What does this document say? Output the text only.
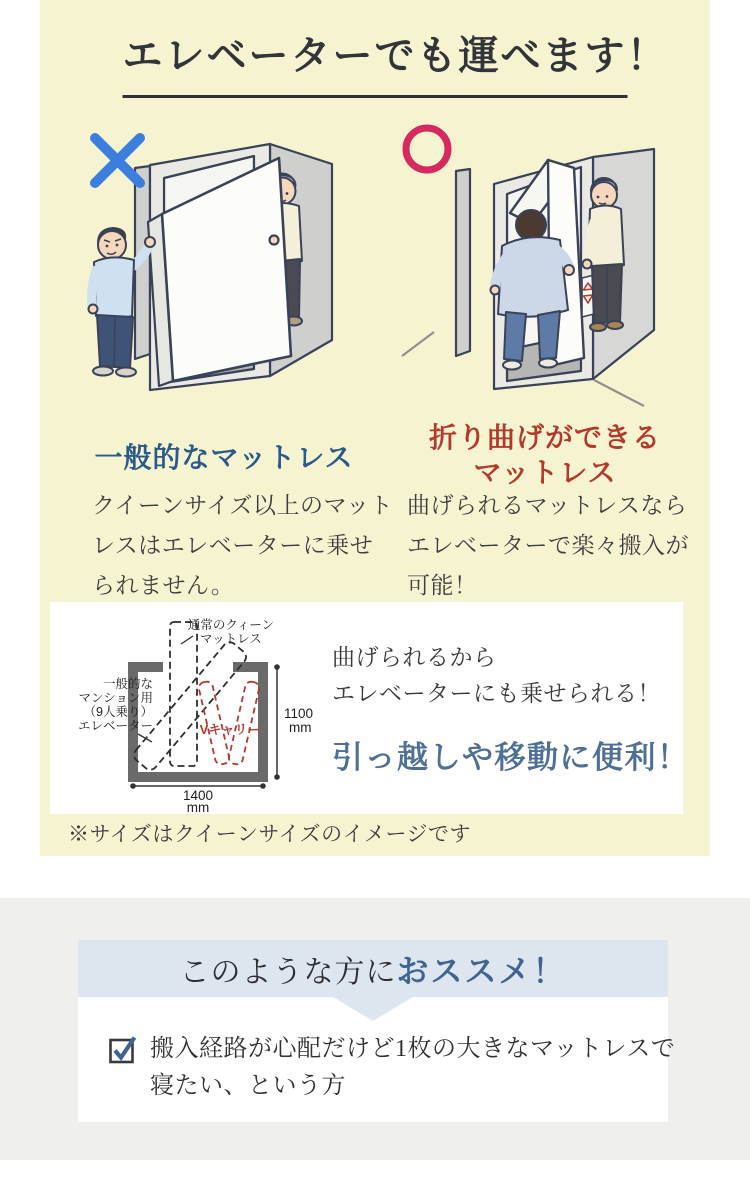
エレベーターでも運べます！
一般的なマットレス
折り曲げができる
マットレス
クイーンサイズ以上のマット
レスはエレベーターに乗せ
られません。
曲げられるマットレスなら
エレベーターで楽々搬入が
可能！
Vキャリー
通常のクィーン
マットレス
一般的な
マンション用
（9人乗り）
エレベーター
1100
mm
1400
mm
曲げられるから
エレベーターにも乗せられる！
引っ越しや移動に便利！
※サイズはクイーンサイズのイメージです
このような方に おススメ！
搬入経路が心配だけど1枚の大きなマットレスで
寝たい、という方
